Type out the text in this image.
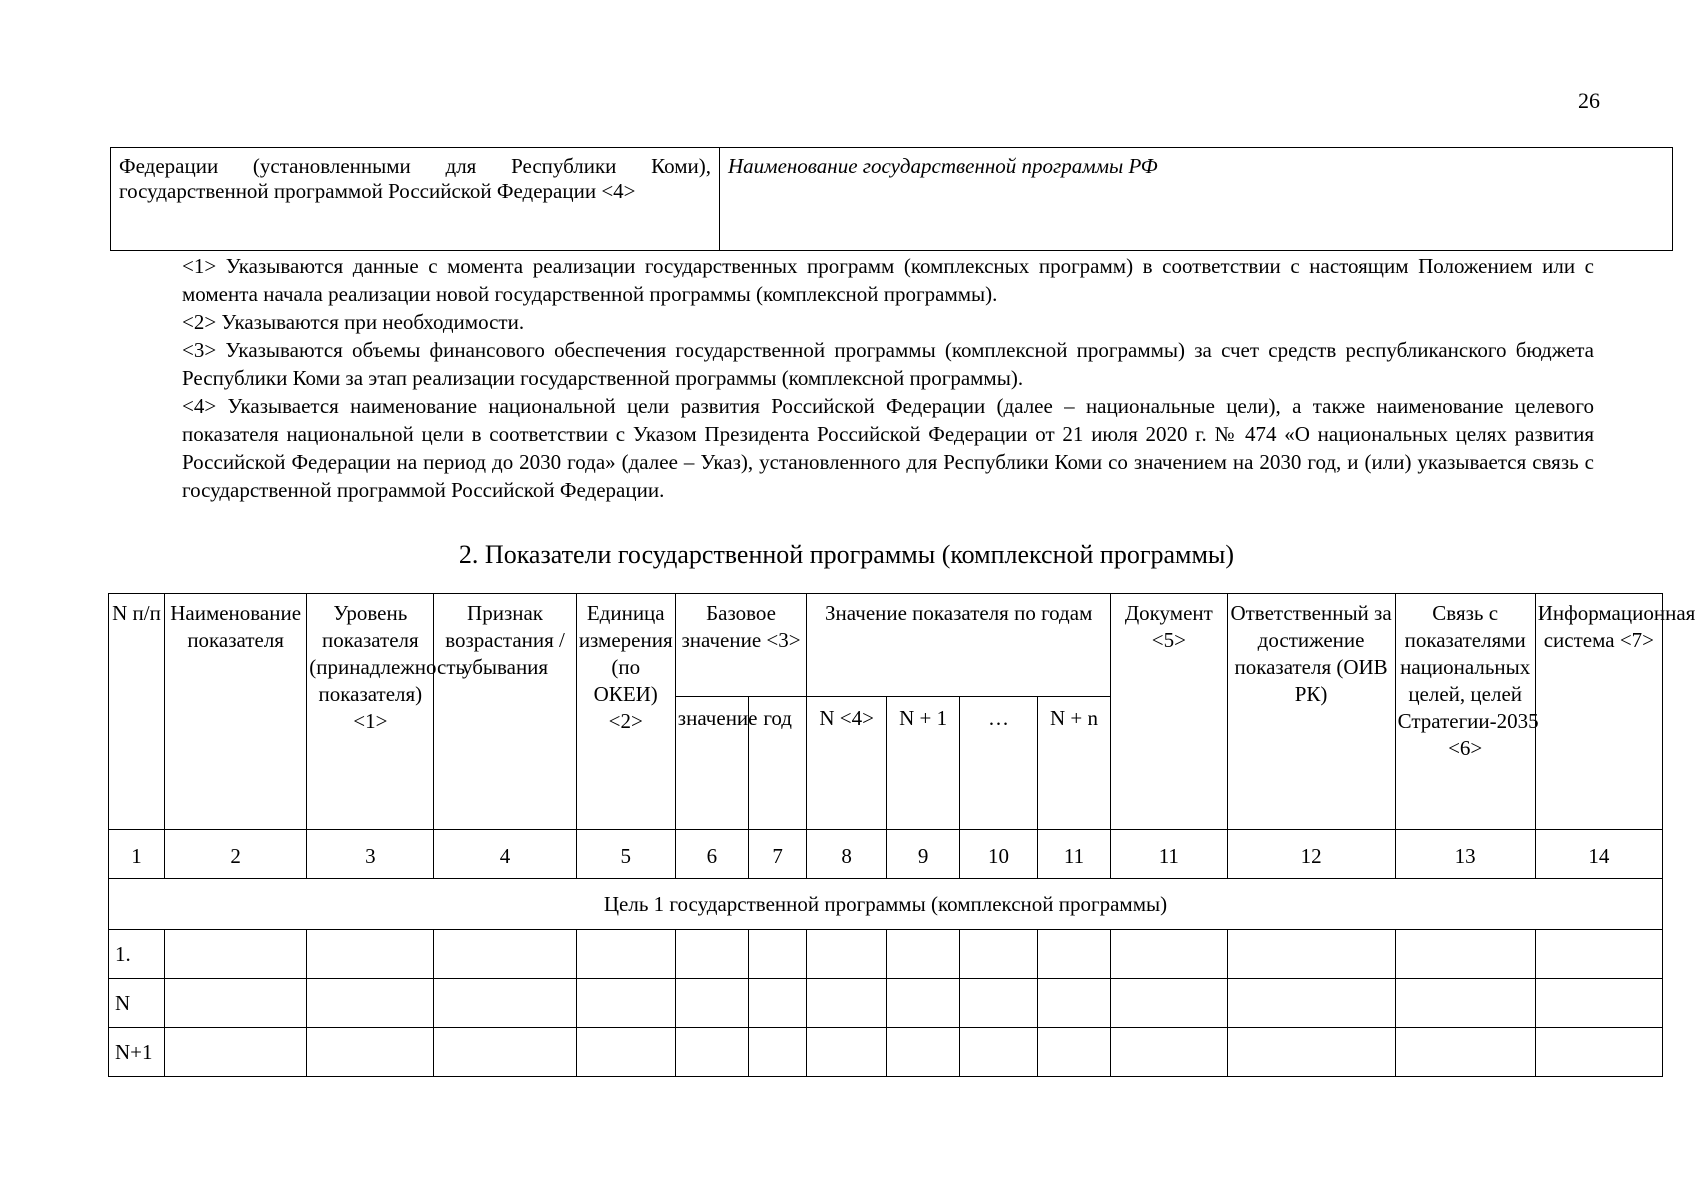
26
Федерации (установленными для Республики Коми), государственной программой Российской Федерации <4>	Наименование государственной программы РФ

<1> Указываются данные с момента реализации государственных программ (комплексных программ) в соответствии с настоящим Положением или с момента начала реализации новой государственной программы (комплексной программы).

<2> Указываются при необходимости.

<3> Указываются объемы финансового обеспечения государственной программы (комплексной программы) за счет средств республиканского бюджета Республики Коми за этап реализации государственной программы (комплексной программы).

<4> Указывается наименование национальной цели развития Российской Федерации (далее – национальные цели), а также наименование целевого показателя национальной цели в соответствии с Указом Президента Российской Федерации от 21 июля 2020 г. № 474 «О национальных целях развития Российской Федерации на период до 2030 года» (далее – Указ), установленного для Республики Коми со значением на 2030 год, и (или) указывается связь с государственной программой Российской Федерации.

2. Показатели государственной программы (комплексной программы)
N п/п	Наименование показателя	Уровень показателя (принадлежность показателя) <1>	Признак возрастания /убывания	Единица измерения (по ОКЕИ) <2>	Базовое значение <3>		Значение показателя по годам				Документ <5>	Ответственный за достижение показателя (ОИВ РК)	Связь с показателями национальных целей, целей Стратегии-2035 <6>	Информационная система <7>
					значение	год	N <4>	N + 1	…	N + n				
1	2	3	4	5	6	7	8	9	10	11	11	12	13	14
Цель 1 государственной программы (комплексной программы)														
1.														
N														
N+1														
